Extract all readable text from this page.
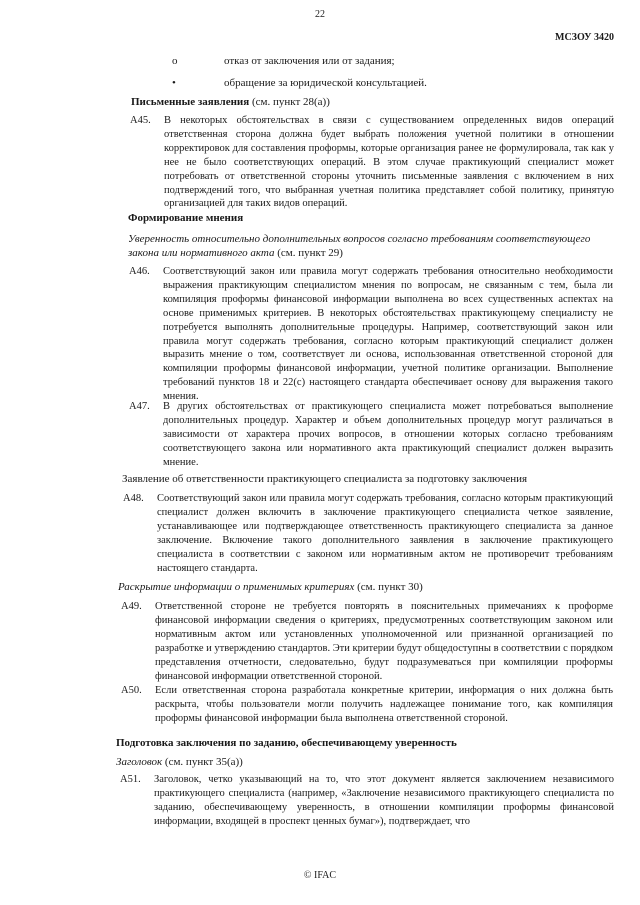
22
МСЗОУ 3420
o	отказ от заключения или от задания;
•	обращение за юридической консультацией.
Письменные заявления (см. пункт 28(а))
A45. В некоторых обстоятельствах в связи с существованием определенных видов операций ответственная сторона должна будет выбрать положения учетной политики в отношении корректировок для составления проформы, которые организация ранее не формулировала, так как у нее не было соответствующих операций. В этом случае практикующий специалист может потребовать от ответственной стороны уточнить письменные заявления с включением в них подтверждений того, что выбранная учетная политика представляет собой политику, принятую организацией для таких видов операций.
Формирование мнения
Уверенность относительно дополнительных вопросов согласно требованиям соответствующего
закона или нормативного акта (см. пункт 29)
A46. Соответствующий закон или правила могут содержать требования относительно необходимости выражения практикующим специалистом мнения по вопросам, не связанным с тем, была ли компиляция проформы финансовой информации выполнена во всех существенных аспектах на основе применимых критериев. В некоторых обстоятельствах практикующему специалисту не потребуется выполнять дополнительные процедуры. Например, соответствующий закон или правила могут содержать требования, согласно которым практикующий специалист должен выразить мнение о том, соответствует ли основа, использованная ответственной стороной для компиляции проформы финансовой информации, учетной политике организации. Выполнение требований пунктов 18 и 22(c) настоящего стандарта обеспечивает основу для выражения такого мнения.
A47. В других обстоятельствах от практикующего специалиста может потребоваться выполнение дополнительных процедур. Характер и объем дополнительных процедур могут различаться в зависимости от характера прочих вопросов, в отношении которых согласно требованиям соответствующего закона или нормативного акта практикующий специалист должен выразить мнение.
Заявление об ответственности практикующего специалиста за подготовку заключения
A48. Соответствующий закон или правила могут содержать требования, согласно которым практикующий специалист должен включить в заключение практикующего специалиста четкое заявление, устанавливающее или подтверждающее ответственность практикующего специалиста за данное заключение. Включение такого дополнительного заявления в заключение практикующего специалиста в соответствии с законом или нормативным актом не противоречит требованиям настоящего стандарта.
Раскрытие информации о применимых критериях (см. пункт 30)
A49. Ответственной стороне не требуется повторять в пояснительных примечаниях к проформе финансовой информации сведения о критериях, предусмотренных соответствующим законом или нормативным актом или установленных уполномоченной или признанной организацией по разработке и утверждению стандартов. Эти критерии будут общедоступны в соответствии с порядком представления отчетности, следовательно, будут подразумеваться при компиляции проформы финансовой информации ответственной стороной.
A50. Если ответственная сторона разработала конкретные критерии, информация о них должна быть раскрыта, чтобы пользователи могли получить надлежащее понимание того, как компиляция проформы финансовой информации была выполнена ответственной стороной.
Подготовка заключения по заданию, обеспечивающему уверенность
Заголовок (см. пункт 35(а))
A51. Заголовок, четко указывающий на то, что этот документ является заключением независимого практикующего специалиста (например, «Заключение независимого практикующего специалиста по заданию, обеспечивающему уверенность, в отношении компиляции проформы финансовой информации, входящей в проспект ценных бумаг»), подтверждает, что
© IFAC
